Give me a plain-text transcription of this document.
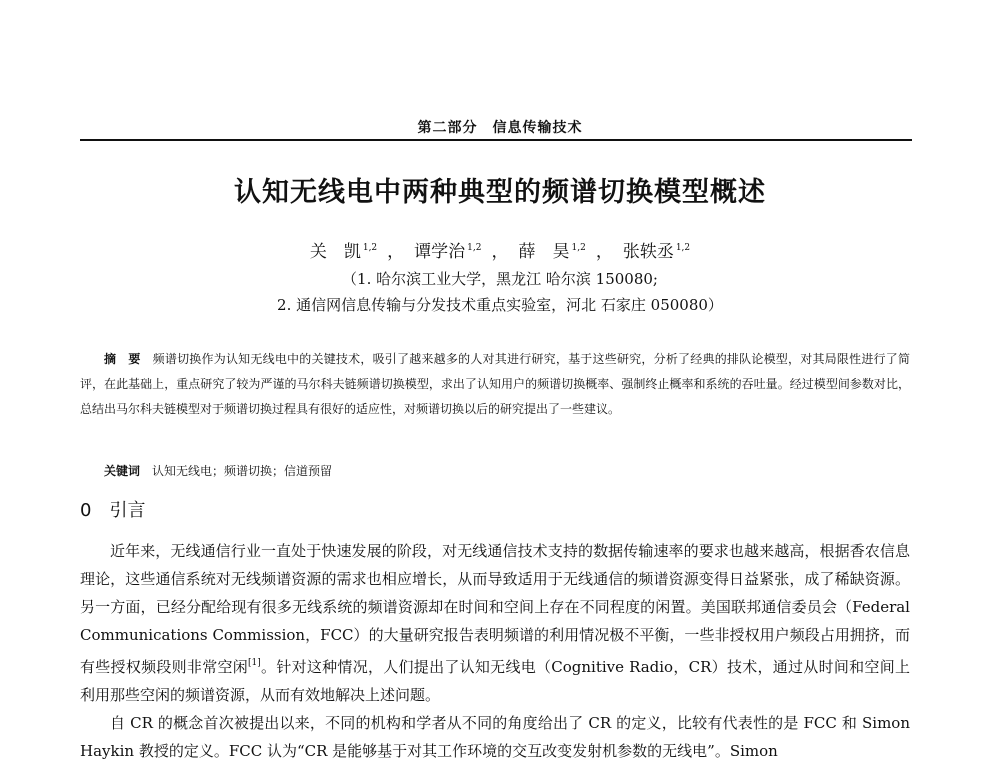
第二部分　信息传输技术
认知无线电中两种典型的频谱切换模型概述
关　凯 $^{1,2}$ ， 谭学治 $^{1,2}$ ， 薛　昊 $^{1,2}$ ， 张轶丞 $^{1,2}$
（1. 哈尔滨工业大学，黑龙江 哈尔滨 150080;
2. 通信网信息传输与分发技术重点实验室，河北 石家庄 050080）
摘　要 频谱切换作为认知无线电中的关键技术，吸引了越来越多的人对其进行研究，基于这些研究，分析了经典的排队论模型，对其局限性进行了简评，在此基础上，重点研究了较为严谨的马尔科夫链频谱切换模型，求出了认知用户的频谱切换概率、强制终止概率和系统的吞吐量。经过模型间参数对比，总结出马尔科夫链模型对于频谱切换过程具有很好的适应性，对频谱切换以后的研究提出了一些建议。
关键词 认知无线电；频谱切换；信道预留
0 引言

近年来，无线通信行业一直处于快速发展的阶段，对无线通信技术支持的数据传输速率的要求也越来越高，根据香农信息理论，这些通信系统对无线频谱资源的需求也相应增长，从而导致适用于无线通信的频谱资源变得日益紧张，成了稀缺资源。另一方面，已经分配给现有很多无线系统的频谱资源却在时间和空间上存在不同程度的闲置。美国联邦通信委员会（Federal Communications Commission，FCC）的大量研究报告表明频谱的利用情况极不平衡，一些非授权用户频段占用拥挤，而有些授权频段则非常空闲[1]。针对这种情况，人们提出了认知无线电（Cognitive Radio，CR）技术，通过从时间和空间上利用那些空闲的频谱资源，从而有效地解决上述问题。

自 CR 的概念首次被提出以来，不同的机构和学者从不同的角度给出了 CR 的定义，比较有代表性的是 FCC 和 Simon Haykin 教授的定义。FCC 认为“CR 是能够基于对其工作环境的交互改变发射机参数的无线电”。Simon
